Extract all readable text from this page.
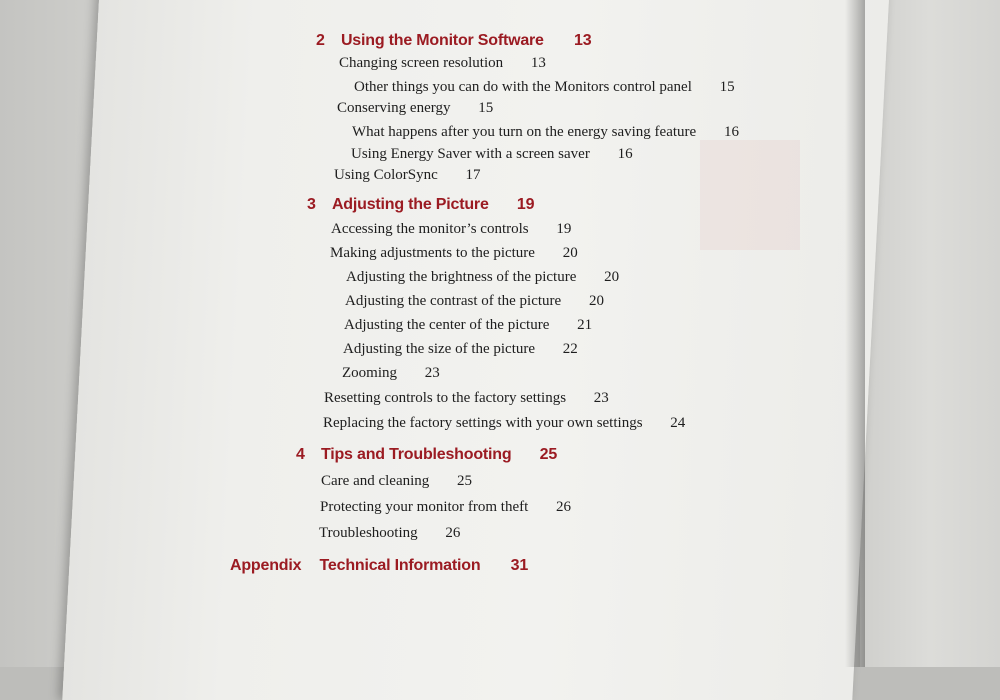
2 Using the Monitor Software 13
Changing screen resolution 13
Other things you can do with the Monitors control panel 15
Conserving energy 15
What happens after you turn on the energy saving feature 16
Using Energy Saver with a screen saver 16
Using ColorSync 17
3 Adjusting the Picture 19
Accessing the monitor’s controls 19
Making adjustments to the picture 20
Adjusting the brightness of the picture 20
Adjusting the contrast of the picture 20
Adjusting the center of the picture 21
Adjusting the size of the picture 22
Zooming 23
Resetting controls to the factory settings 23
Replacing the factory settings with your own settings 24
4 Tips and Troubleshooting 25
Care and cleaning 25
Protecting your monitor from theft 26
Troubleshooting 26
Appendix Technical Information 31
